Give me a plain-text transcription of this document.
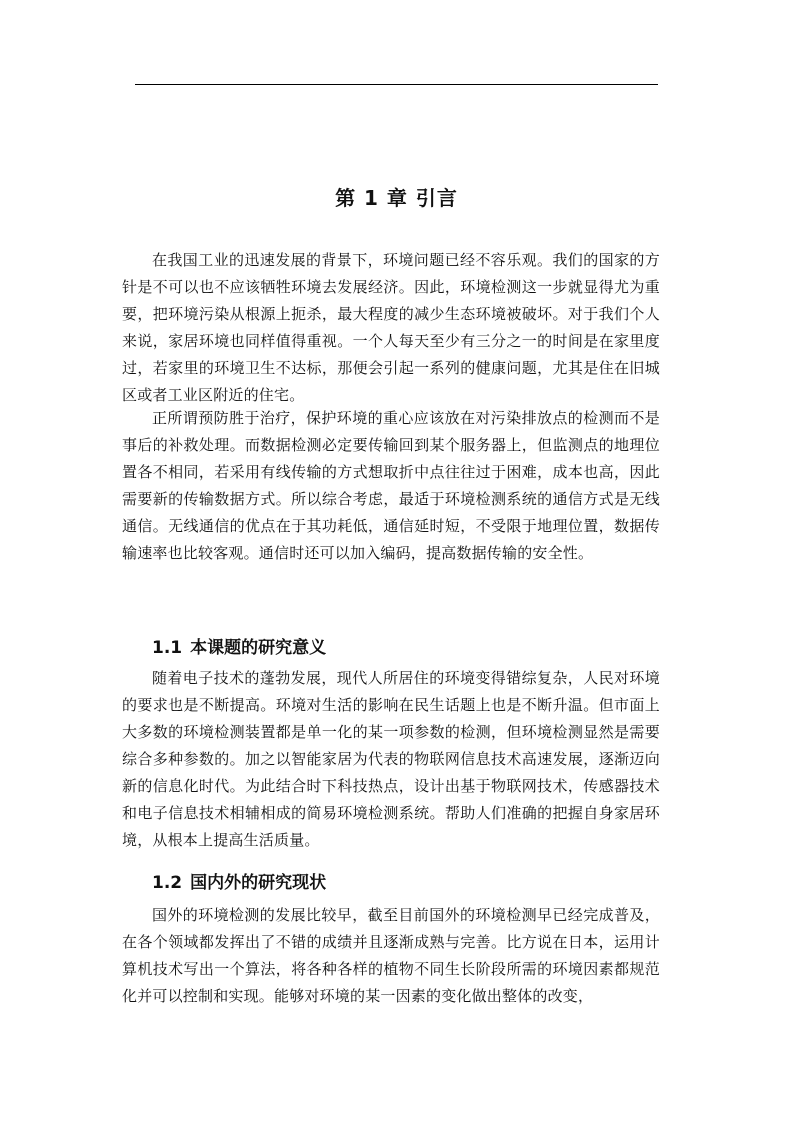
第 1 章 引言

在我国工业的迅速发展的背景下，环境问题已经不容乐观。我们的国家的方针是不可以也不应该牺牲环境去发展经济。因此，环境检测这一步就显得尤为重要，把环境污染从根源上扼杀，最大程度的减少生态环境被破坏。对于我们个人来说，家居环境也同样值得重视。一个人每天至少有三分之一的时间是在家里度过，若家里的环境卫生不达标，那便会引起一系列的健康问题，尤其是住在旧城区或者工业区附近的住宅。

正所谓预防胜于治疗，保护环境的重心应该放在对污染排放点的检测而不是事后的补救处理。而数据检测必定要传输回到某个服务器上，但监测点的地理位置各不相同，若采用有线传输的方式想取折中点往往过于困难，成本也高，因此需要新的传输数据方式。所以综合考虑，最适于环境检测系统的通信方式是无线通信。无线通信的优点在于其功耗低，通信延时短，不受限于地理位置，数据传输速率也比较客观。通信时还可以加入编码，提高数据传输的安全性。

1.1 本课题的研究意义

随着电子技术的蓬勃发展，现代人所居住的环境变得错综复杂，人民对环境的要求也是不断提高。环境对生活的影响在民生话题上也是不断升温。但市面上大多数的环境检测装置都是单一化的某一项参数的检测，但环境检测显然是需要综合多种参数的。加之以智能家居为代表的物联网信息技术高速发展，逐渐迈向新的信息化时代。为此结合时下科技热点，设计出基于物联网技术，传感器技术和电子信息技术相辅相成的简易环境检测系统。帮助人们准确的把握自身家居环境，从根本上提高生活质量。

1.2 国内外的研究现状

国外的环境检测的发展比较早，截至目前国外的环境检测早已经完成普及，在各个领域都发挥出了不错的成绩并且逐渐成熟与完善。比方说在日本，运用计算机技术写出一个算法，将各种各样的植物不同生长阶段所需的环境因素都规范化并可以控制和实现。能够对环境的某一因素的变化做出整体的改变，
